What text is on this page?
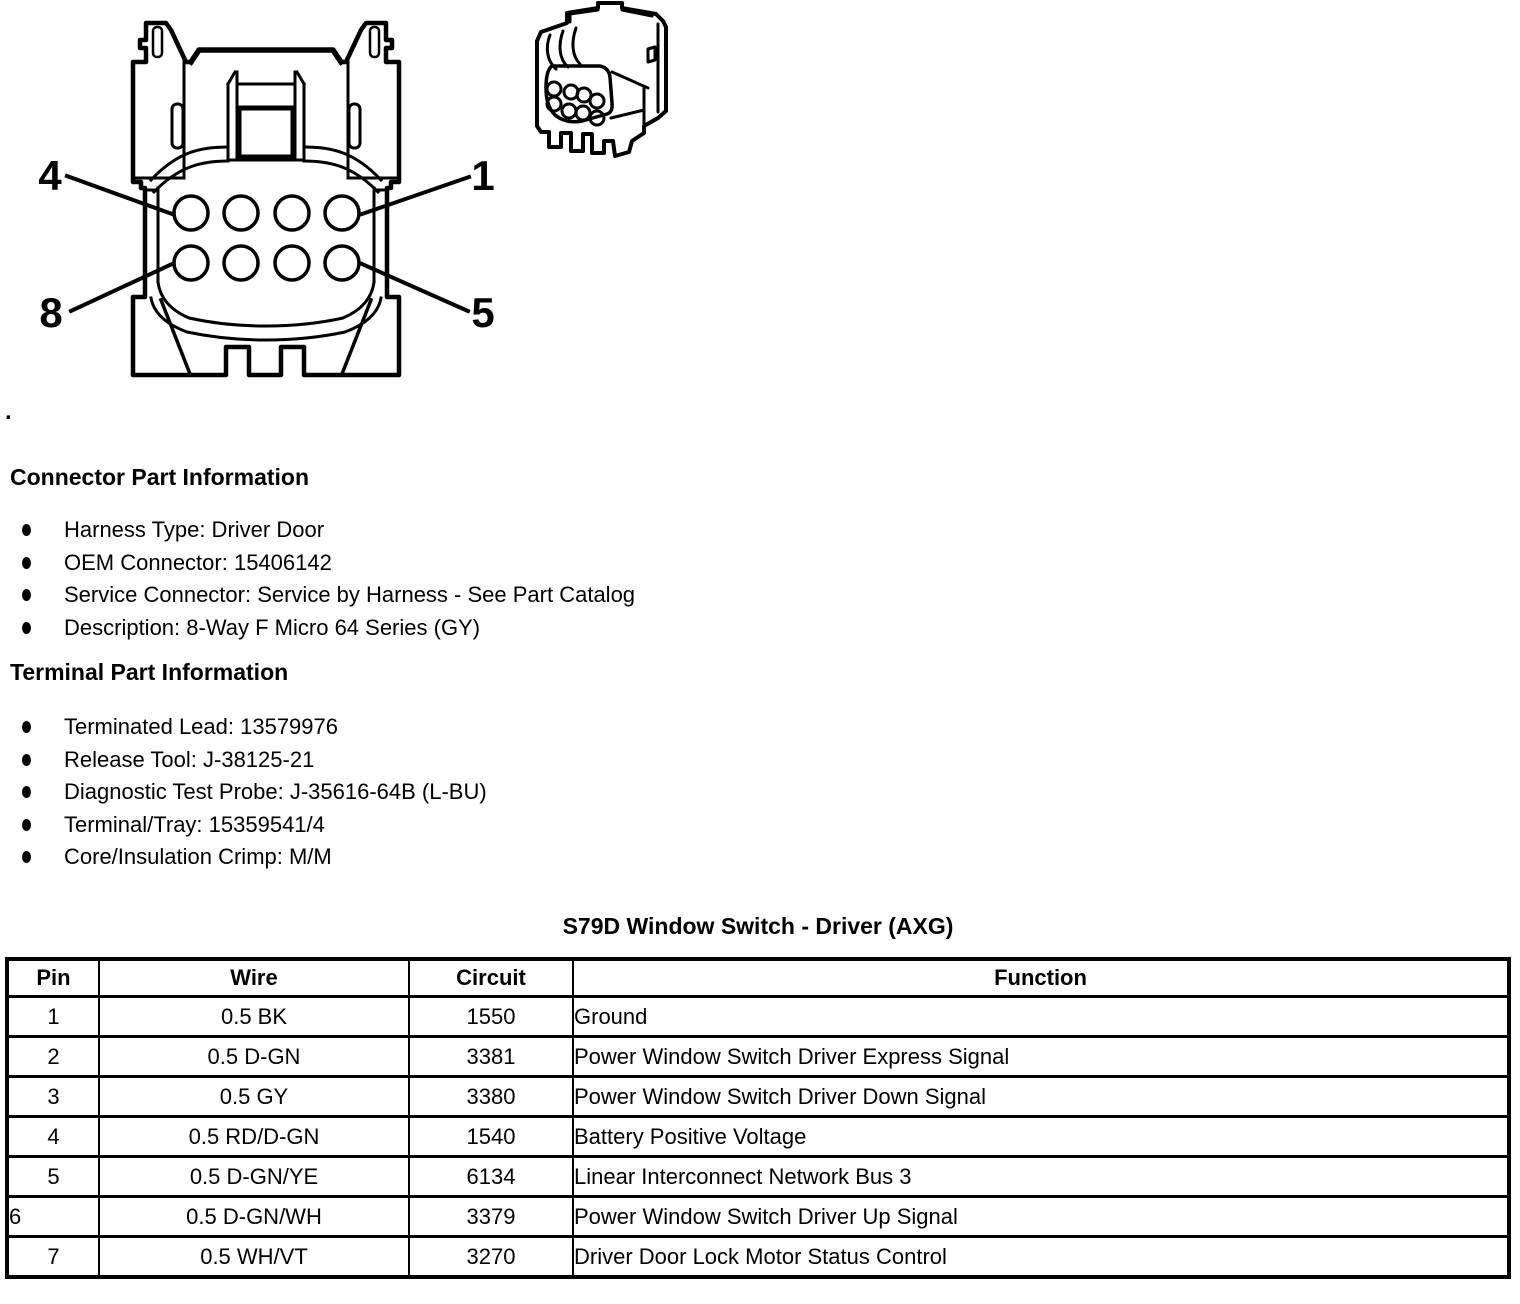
4	1
8	5
.
Connector Part Information
Harness Type: Driver Door
OEM Connector: 15406142
Service Connector: Service by Harness - See Part Catalog
Description: 8-Way F Micro 64 Series (GY)
Terminal Part Information
Terminated Lead: 13579976
Release Tool: J-38125-21
Diagnostic Test Probe: J-35616-64B (L-BU)
Terminal/Tray: 15359541/4
Core/Insulation Crimp: M/M
S79D Window Switch - Driver (AXG)
Pin	Wire	Circuit	Function
1	0.5 BK	1550	Ground
2	0.5 D-GN	3381	Power Window Switch Driver Express Signal
3	0.5 GY	3380	Power Window Switch Driver Down Signal
4	0.5 RD/D-GN	1540	Battery Positive Voltage
5	0.5 D-GN/YE	6134	Linear Interconnect Network Bus 3
6	0.5 D-GN/WH	3379	Power Window Switch Driver Up Signal
7	0.5 WH/VT	3270	Driver Door Lock Motor Status Control
